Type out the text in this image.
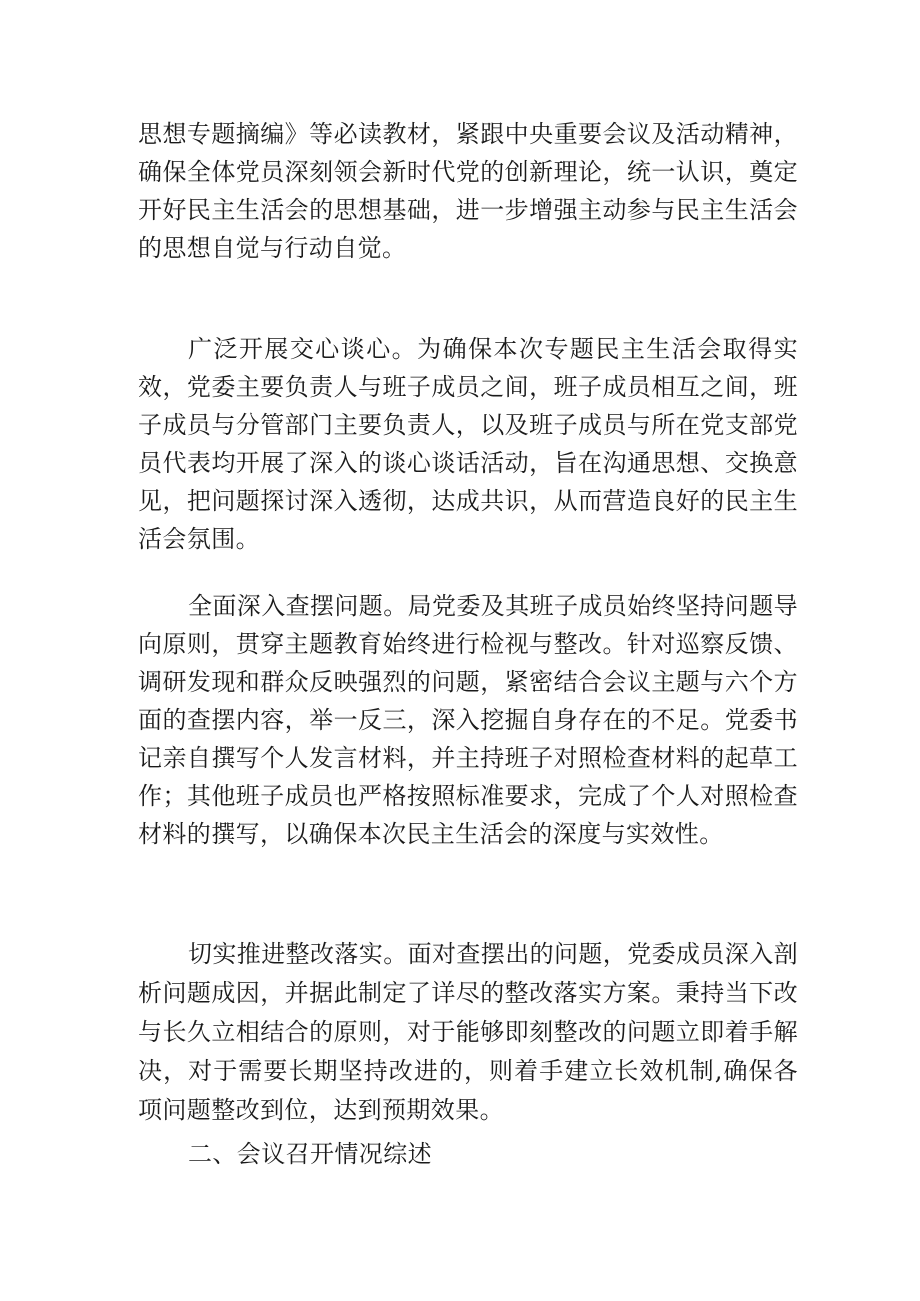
思想专题摘编》等必读教材，紧跟中央重要会议及活动精神，确保全体党员深刻领会新时代党的创新理论，统一认识，奠定开好民主生活会的思想基础，进一步增强主动参与民主生活会的思想自觉与行动自觉。

广泛开展交心谈心。为确保本次专题民主生活会取得实效，党委主要负责人与班子成员之间，班子成员相互之间，班子成员与分管部门主要负责人，以及班子成员与所在党支部党员代表均开展了深入的谈心谈话活动，旨在沟通思想、交换意见，把问题探讨深入透彻，达成共识，从而营造良好的民主生活会氛围。

全面深入查摆问题。局党委及其班子成员始终坚持问题导向原则，贯穿主题教育始终进行检视与整改。针对巡察反馈、调研发现和群众反映强烈的问题，紧密结合会议主题与六个方面的查摆内容，举一反三，深入挖掘自身存在的不足。党委书记亲自撰写个人发言材料，并主持班子对照检查材料的起草工作；其他班子成员也严格按照标准要求，完成了个人对照检查材料的撰写，以确保本次民主生活会的深度与实效性。

切实推进整改落实。面对查摆出的问题，党委成员深入剖析问题成因，并据此制定了详尽的整改落实方案。秉持当下改与长久立相结合的原则，对于能够即刻整改的问题立即着手解决，对于需要长期坚持改进的，则着手建立长效机制,确保各项问题整改到位，达到预期效果。

二、会议召开情况综述
